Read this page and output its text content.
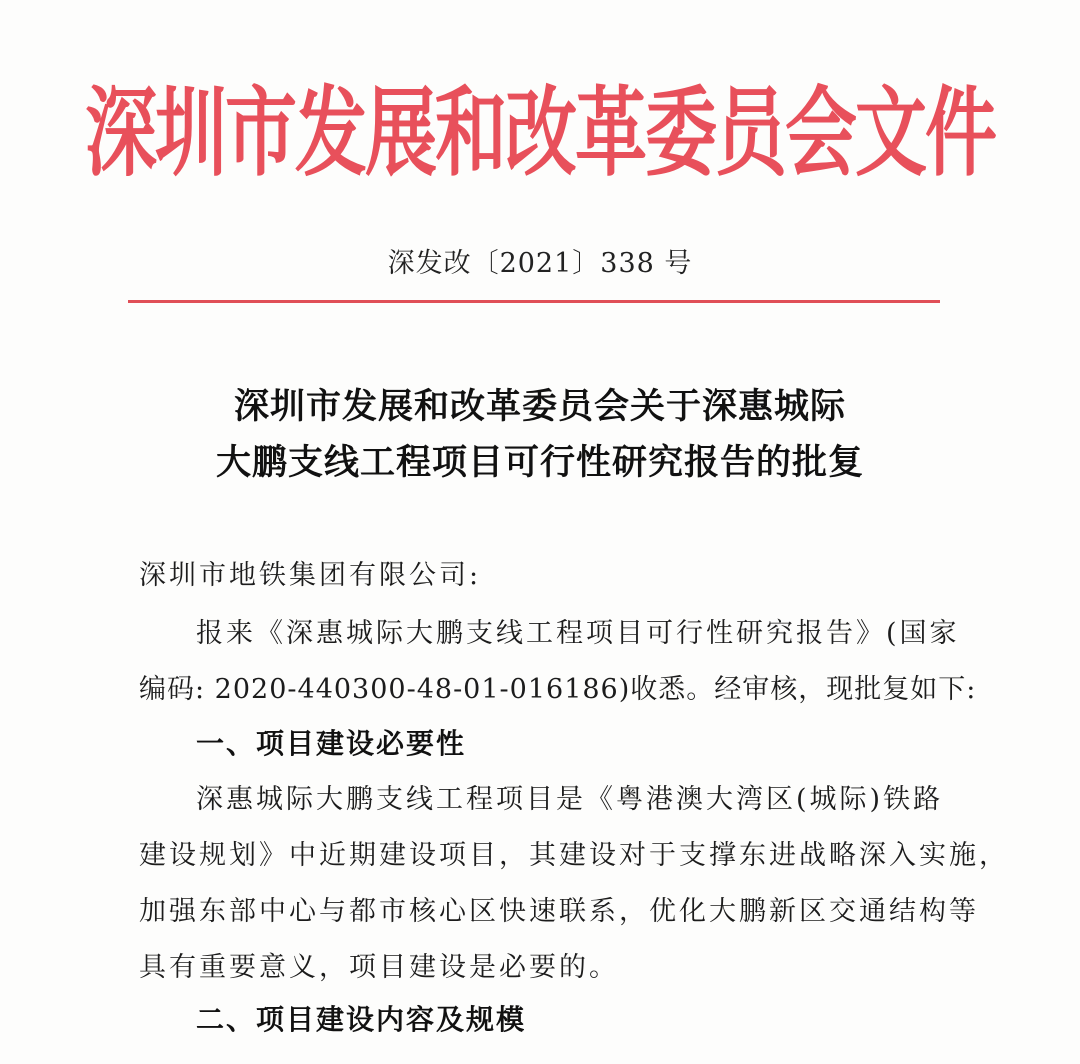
深圳市发展和改革委员会文件
深发改〔2021〕338 号
深圳市发展和改革委员会关于深惠城际
大鹏支线工程项目可行性研究报告的批复
深圳市地铁集团有限公司:
报来《深惠城际大鹏支线工程项目可行性研究报告》(国家
编码: 2020-440300-48-01-016186)收悉。经审核，现批复如下:
一、项目建设必要性
深惠城际大鹏支线工程项目是《粤港澳大湾区(城际)铁路
建设规划》中近期建设项目，其建设对于支撑东进战略深入实施，
加强东部中心与都市核心区快速联系，优化大鹏新区交通结构等
具有重要意义，项目建设是必要的。
二、项目建设内容及规模
